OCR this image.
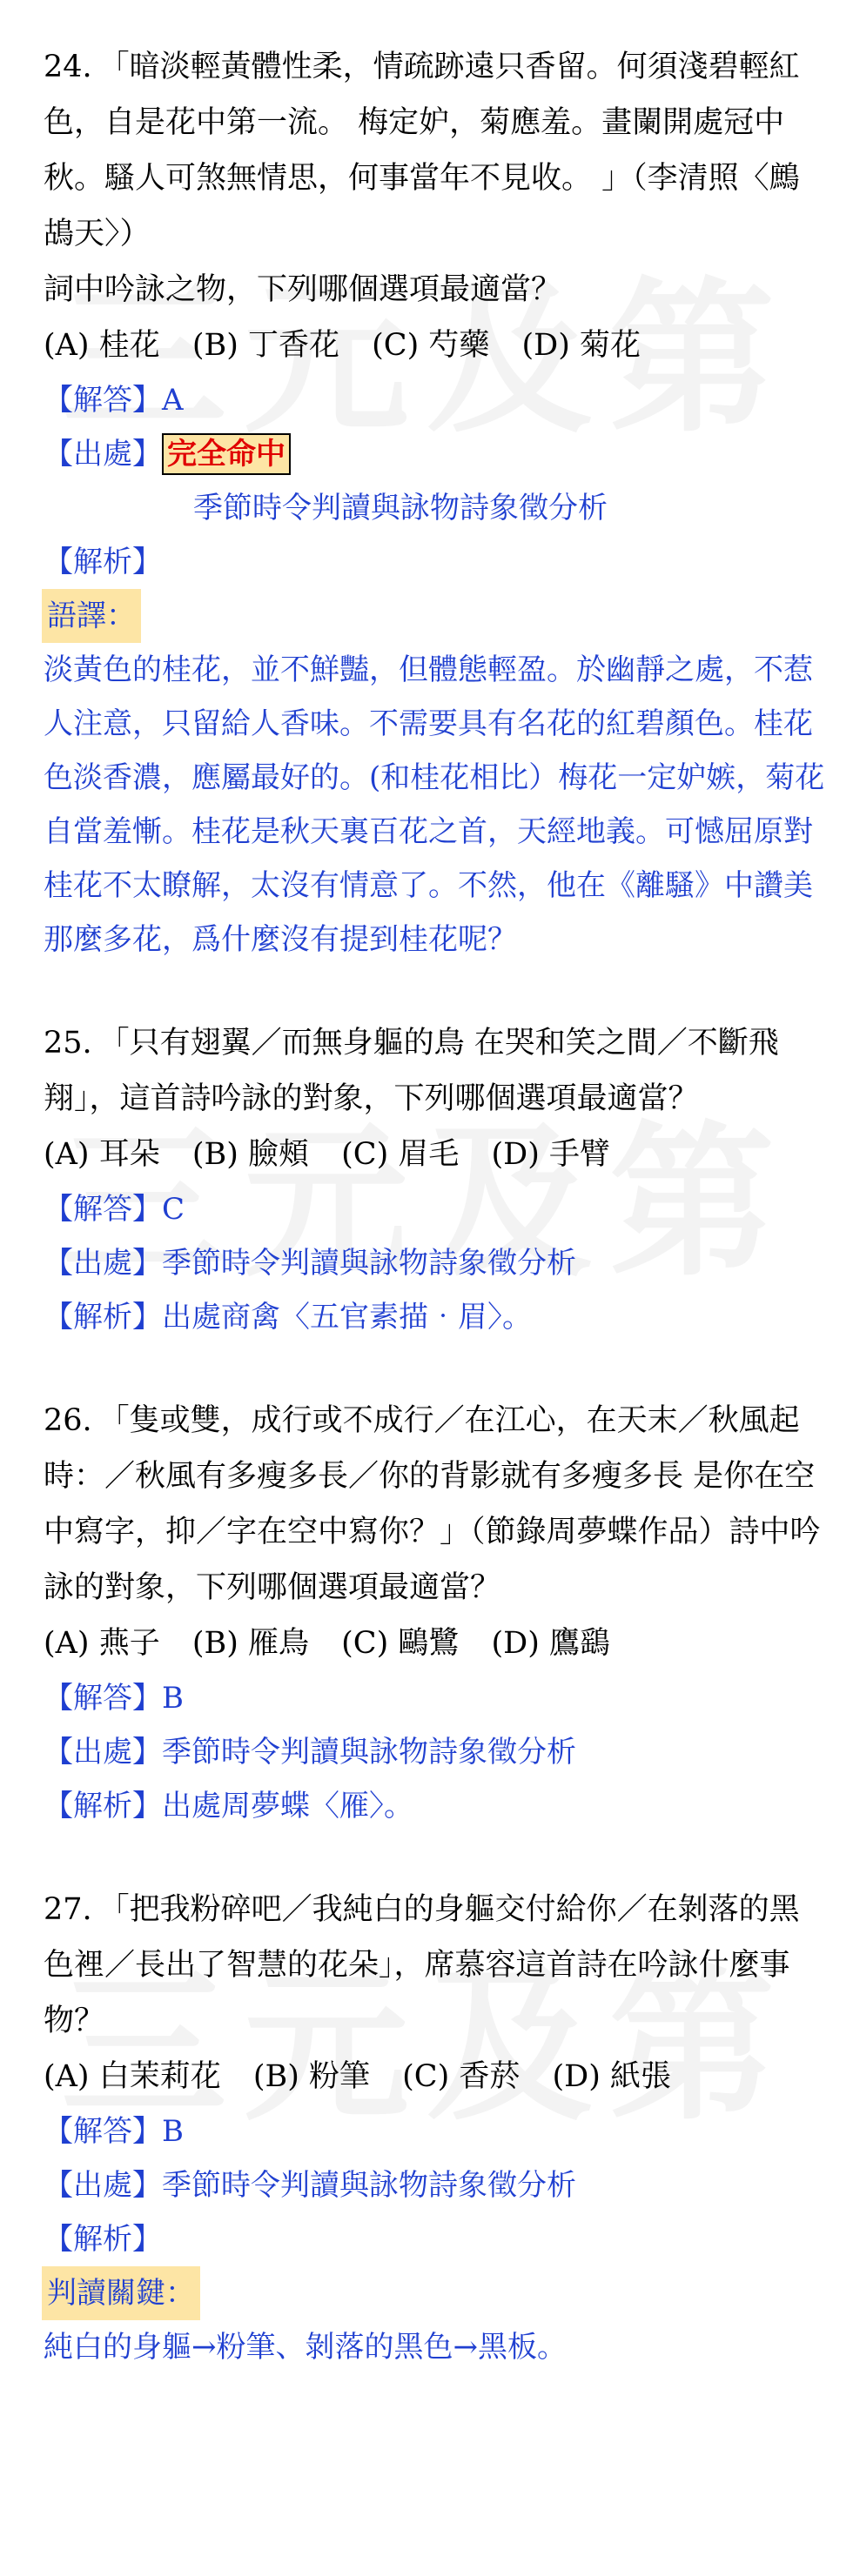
24. 「暗淡輕黃體性柔，情疏跡遠只香留。何須淺碧輕紅色，自是花中第一流。 梅定妒，菊應羞。畫闌開處冠中秋。騷人可煞無情思，何事當年不見收。 」（李清照〈鷓鴣天〉）
詞中吟詠之物，下列哪個選項最適當？
(A) 桂花 (B) 丁香花 (C) 芍藥 (D) 菊花
【解答】A
【出處】 完全命中
季節時令判讀與詠物詩象徵分析
【解析】
語譯：
淡黃色的桂花，並不鮮豔，但體態輕盈。於幽靜之處，不惹人注意，只留給人香味。不需要具有名花的紅碧顏色。桂花色淡香濃，應屬最好的。(和桂花相比）梅花一定妒嫉，菊花自當羞慚。桂花是秋天裏百花之首，天經地義。可憾屈原對桂花不太瞭解，太沒有情意了。不然，他在《離騷》中讚美那麼多花，爲什麼沒有提到桂花呢？
25. 「只有翅翼／而無身軀的鳥 在哭和笑之間／不斷飛翔」，這首詩吟詠的對象，下列哪個選項最適當？
(A) 耳朵 (B) 臉頰 (C) 眉毛 (D) 手臂
【解答】C
【出處】季節時令判讀與詠物詩象徵分析
【解析】出處商禽〈五官素描‧眉〉。
26. 「隻或雙，成行或不成行／在江心，在天末／秋風起時：／秋風有多瘦多長／你的背影就有多瘦多長 是你在空中寫字，抑／字在空中寫你？」（節錄周夢蝶作品）詩中吟詠的對象，下列哪個選項最適當？
(A) 燕子 (B) 雁鳥 (C) 鷗鷺 (D) 鷹鷂
【解答】B
【出處】季節時令判讀與詠物詩象徵分析
【解析】出處周夢蝶〈雁〉。
27. 「把我粉碎吧／我純白的身軀交付給你／在剝落的黑色裡／長出了智慧的花朵」，席慕容這首詩在吟詠什麼事物？
(A) 白茉莉花 (B) 粉筆 (C) 香菸 (D) 紙張
【解答】B
【出處】季節時令判讀與詠物詩象徵分析
【解析】
判讀關鍵：
純白的身軀→粉筆、剝落的黑色→黑板。
